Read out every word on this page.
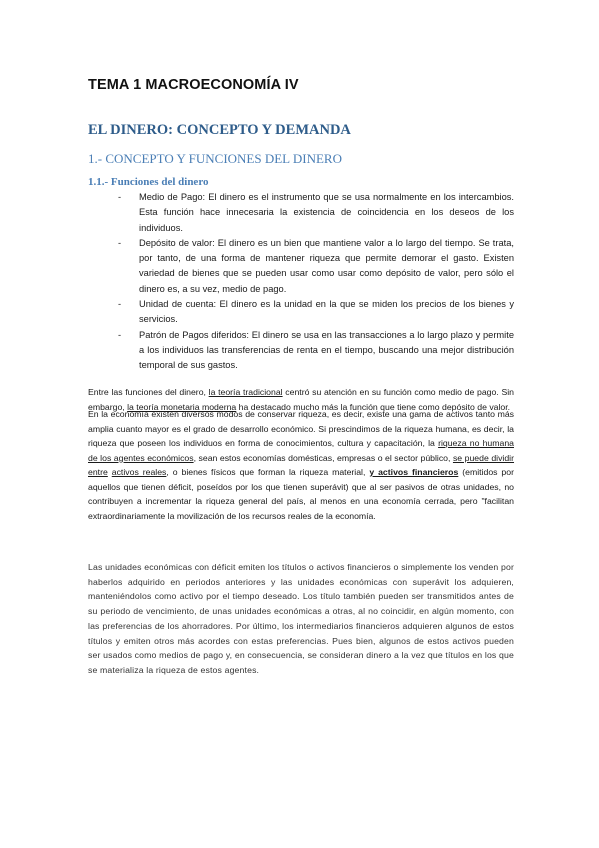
TEMA 1 MACROECONOMÍA IV
EL DINERO: CONCEPTO Y DEMANDA
1.- CONCEPTO Y FUNCIONES DEL DINERO
1.1.- Funciones del dinero
- Medio de Pago: El dinero es el instrumento que se usa normalmente en los intercambios. Esta función hace innecesaria la existencia de coincidencia en los deseos de los individuos.
- Depósito de valor: El dinero es un bien que mantiene valor a lo largo del tiempo. Se trata, por tanto, de una forma de mantener riqueza que permite demorar el gasto. Existen variedad de bienes que se pueden usar como usar como depósito de valor, pero sólo el dinero es, a su vez, medio de pago.
- Unidad de cuenta: El dinero es la unidad en la que se miden los precios de los bienes y servicios.
- Patrón de Pagos diferidos: El dinero se usa en las transacciones a lo largo plazo y permite a los individuos las transferencias de renta en el tiempo, buscando una mejor distribución temporal de sus gastos.

Entre las funciones del dinero, la teoría tradicional centró su atención en su función como medio de pago. Sin embargo, la teoría monetaria moderna ha destacado mucho más la función que tiene como depósito de valor.

En la economía existen diversos modos de conservar riqueza, es decir, existe una gama de activos tanto más amplia cuanto mayor es el grado de desarrollo económico. Si prescindimos de la riqueza humana, es decir, la riqueza que poseen los individuos en forma de conocimientos, cultura y capacitación, la riqueza no humana de los agentes económicos, sean estos economías domésticas, empresas o el sector público, se puede dividir entre activos reales, o bienes físicos que forman la riqueza material, y activos financieros (emitidos por aquellos que tienen déficit, poseídos por los que tienen superávit) que al ser pasivos de otras unidades, no contribuyen a incrementar la riqueza general del país, al menos en una economía cerrada, pero "facilitan extraordinariamente la movilización de los recursos reales de la economía.

Las unidades económicas con déficit emiten los títulos o activos financieros o simplemente los venden por haberlos adquirido en periodos anteriores y las unidades económicas con superávit los adquieren, manteniéndolos como activo por el tiempo deseado. Los título también pueden ser transmitidos antes de su periodo de vencimiento, de unas unidades económicas a otras, al no coincidir, en algún momento, con las preferencias de los ahorradores. Por último, los intermediarios financieros adquieren algunos de estos títulos y emiten otros más acordes con estas preferencias. Pues bien, algunos de estos activos pueden ser usados como medios de pago y, en consecuencia, se consideran dinero a la vez que títulos en los que se materializa la riqueza de estos agentes.
